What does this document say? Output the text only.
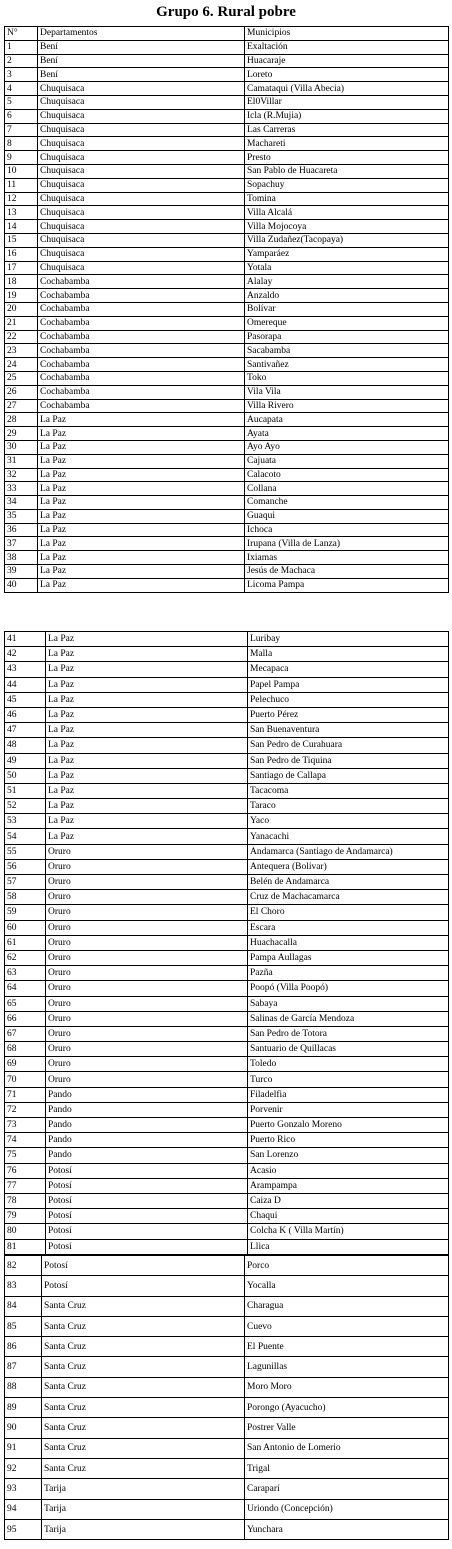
Grupo 6. Rural pobre
N°	Departamentos	Municipios
1	Bení	Exaltación
2	Bení	Huacaraje
3	Bení	Loreto
4	Chuquisaca	Camataqui (Villa Abecia)
5	Chuquisaca	El0Villar
6	Chuquisaca	Icla (R.Mujia)
7	Chuquisaca	Las Carreras
8	Chuquisaca	Machareti
9	Chuquisaca	Presto
10	Chuquisaca	San Pablo de Huacareta
11	Chuquisaca	Sopachuy
12	Chuquisaca	Tomina
13	Chuquisaca	Villa Alcalá
14	Chuquisaca	Villa Mojocoya
15	Chuquisaca	Villa Zudañez(Tacopaya)
16	Chuquisaca	Yamparáez
17	Chuquisaca	Yotala
18	Cochabamba	Alalay
19	Cochabamba	Anzaldo
20	Cochabamba	Bolívar
21	Cochabamba	Omereque
22	Cochabamba	Pasorapa
23	Cochabamba	Sacabamba
24	Cochabamba	Santivañez
25	Cochabamba	Toko
26	Cochabamba	Vila Vila
27	Cochabamba	Villa Rivero
28	La Paz	Aucapata
29	La Paz	Ayata
30	La Paz	Ayo Ayo
31	La Paz	Cajuata
32	La Paz	Calacoto
33	La Paz	Collana
34	La Paz	Comanche
35	La Paz	Guaqui
36	La Paz	Ichoca
37	La Paz	Irupana (Villa de Lanza)
38	La Paz	Ixiamas
39	La Paz	Jesús de Machaca
40	La Paz	Licoma Pampa
41	La Paz	Luribay
42	La Paz	Malla
43	La Paz	Mecapaca
44	La Paz	Papel Pampa
45	La Paz	Pelechuco
46	La Paz	Puerto Pérez
47	La Paz	San Buenaventura
48	La Paz	San Pedro de Curahuara
49	La Paz	San Pedro de Tiquina
50	La Paz	Santiago de Callapa
51	La Paz	Tacacoma
52	La Paz	Taraco
53	La Paz	Yaco
54	La Paz	Yanacachi
55	Oruro	Andamarca (Santiago de Andamarca)
56	Oruro	Antequera (Bolivar)
57	Oruro	Belén de Andamarca
58	Oruro	Cruz de Machacamarca
59	Oruro	El Choro
60	Oruro	Escara
61	Oruro	Huachacalla
62	Oruro	Pampa Aullagas
63	Oruro	Pazña
64	Oruro	Poopó (Villa Poopó)
65	Oruro	Sabaya
66	Oruro	Salinas de García Mendoza
67	Oruro	San Pedro de Totora
68	Oruro	Santuario de Quillacas
69	Oruro	Toledo
70	Oruro	Turco
71	Pando	Filadelfia
72	Pando	Porvenir
73	Pando	Puerto Gonzalo Moreno
74	Pando	Puerto Rico
75	Pando	San Lorenzo
76	Potosí	Acasio
77	Potosí	Arampampa
78	Potosí	Caiza D
79	Potosí	Chaqui
80	Potosí	Colcha K ( Villa Martín)
81	Potosí	Llica
82	Potosí	Porco
83	Potosí	Yocalla
84	Santa Cruz	Charagua
85	Santa Cruz	Cuevo
86	Santa Cruz	El Puente
87	Santa Cruz	Lagunillas
88	Santa Cruz	Moro Moro
89	Santa Cruz	Porongo (Ayacucho)
90	Santa Cruz	Postrer Valle
91	Santa Cruz	San Antonio de Lomerio
92	Santa Cruz	Trigal
93	Tarija	Caraparí
94	Tarija	Uriondo (Concepción)
95	Tarija	Yunchara
